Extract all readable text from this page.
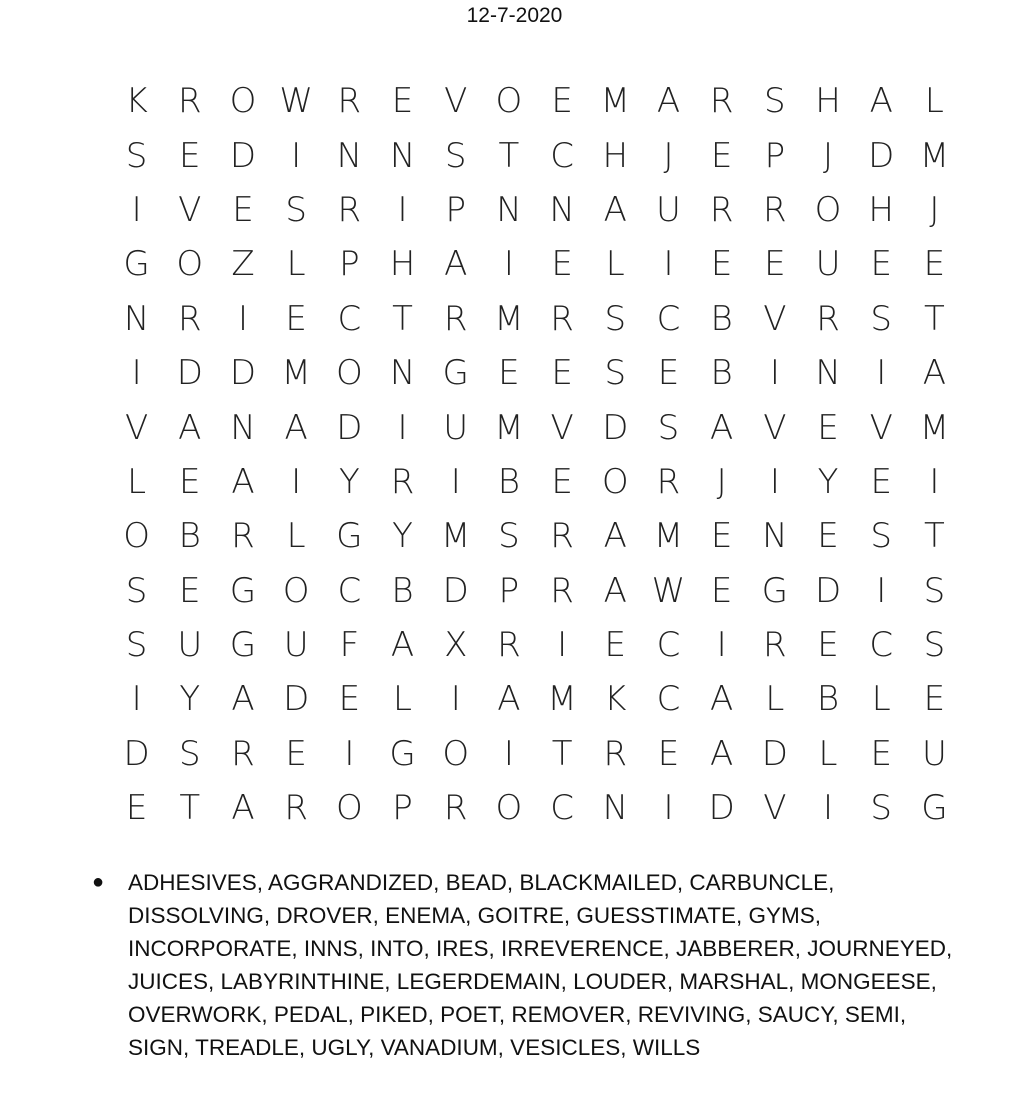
12-7-2020
K R O W R E V O E M A R S H A L
S E D	I	N N S T C H	J	E P	J	D M
I	V E S R	I	P N N A U R R O H	J
G O Z L P H A	I	E L	I	E E U E E
N R	I	E C T R M R S C B V R S T
I	D D M O N G E E S E B	I	N	I	A
V A N A D	I	U M V D S A V E V M
L E A	I	Y R	I	B E O R	J	I	Y E	I
O B R L G Y M S R A M E N E S T
S E G O C B D P R A W E G D	I	S
S U G U F A X R	I	E C	I	R E C S
I	Y A D E L	I	A M K C A L B L E
D S R E	I	G O	I	T R E A D L E U
E T A R O P R O C N	I	D V	I	S G
●	ADHESIVES, AGGRANDIZED, BEAD, BLACKMAILED, CARBUNCLE, DISSOLVING, DROVER, ENEMA, GOITRE, GUESSTIMATE, GYMS, INCORPORATE, INNS, INTO, IRES, IRREVERENCE, JABBERER, JOURNEYED, JUICES, LABYRINTHINE, LEGERDEMAIN, LOUDER, MARSHAL, MONGEESE, OVERWORK, PEDAL, PIKED, POET, REMOVER, REVIVING, SAUCY, SEMI, SIGN, TREADLE, UGLY, VANADIUM, VESICLES, WILLS
